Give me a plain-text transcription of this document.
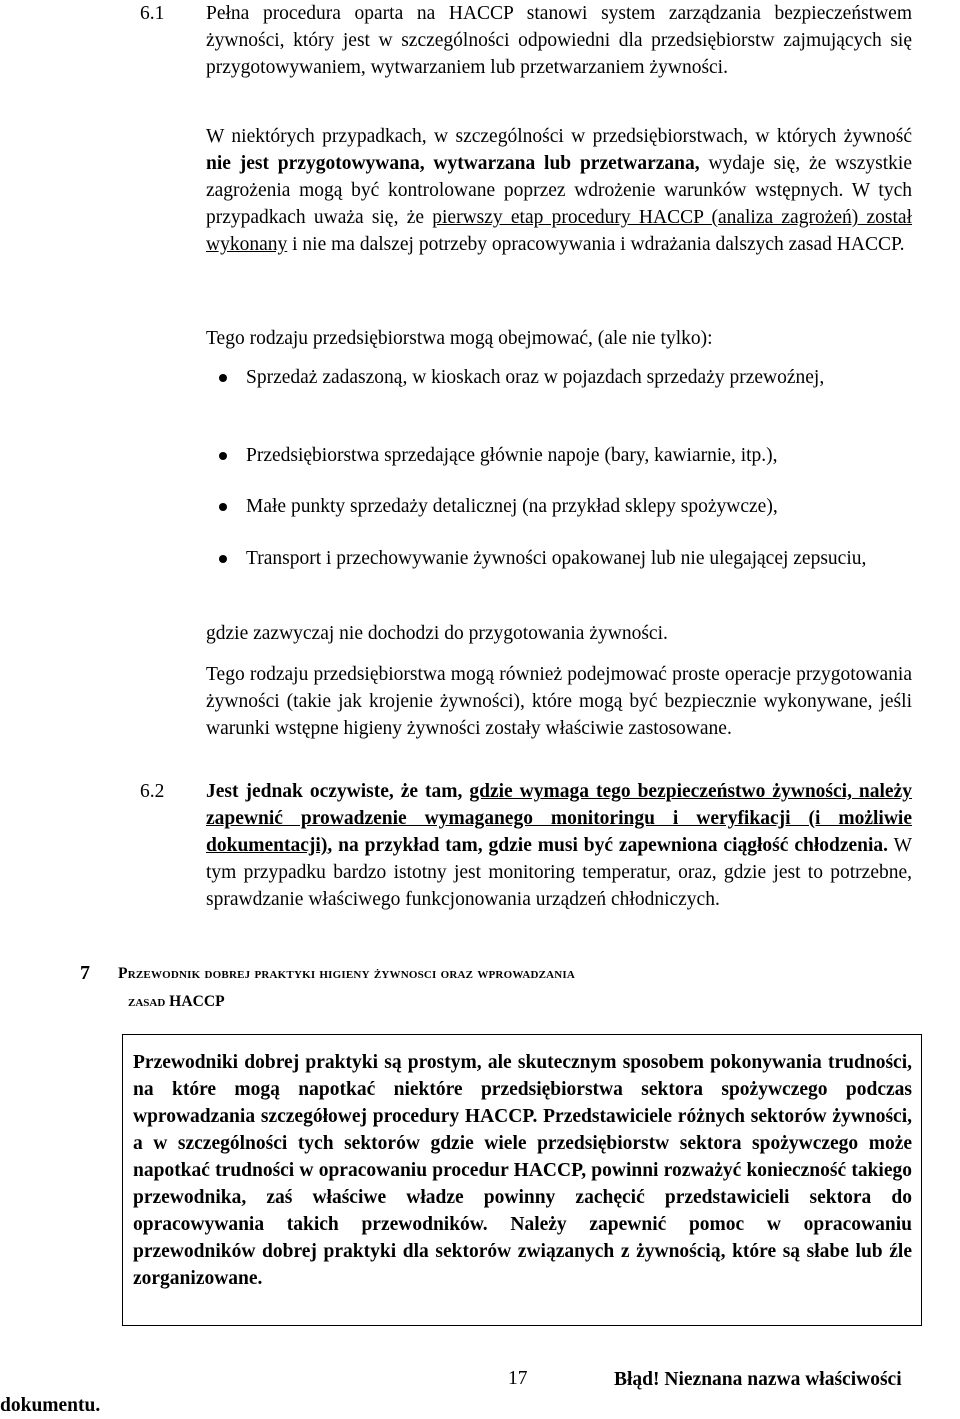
6.1 Pełna procedura oparta na HACCP stanowi system zarządzania bezpieczeństwem żywności, który jest w szczególności odpowiedni dla przedsiębiorstw zajmujących się przygotowywaniem, wytwarzaniem lub przetwarzaniem żywności.
W niektórych przypadkach, w szczególności w przedsiębiorstwach, w których żywność nie jest przygotowywana, wytwarzana lub przetwarzana, wydaje się, że wszystkie zagrożenia mogą być kontrolowane poprzez wdrożenie warunków wstępnych. W tych przypadkach uważa się, że pierwszy etap procedury HACCP (analiza zagrożeń) został wykonany i nie ma dalszej potrzeby opracowywania i wdrażania dalszych zasad HACCP.
Tego rodzaju przedsiębiorstwa mogą obejmować, (ale nie tylko):
Sprzedaż zadaszoną, w kioskach oraz w pojazdach sprzedaży przewoźnej,
Przedsiębiorstwa sprzedające głównie napoje (bary, kawiarnie, itp.),
Małe punkty sprzedaży detalicznej (na przykład sklepy spożywcze),
Transport i przechowywanie żywności opakowanej lub nie ulegającej zepsuciu,
gdzie zazwyczaj nie dochodzi do przygotowania żywności.
Tego rodzaju przedsiębiorstwa mogą również podejmować proste operacje przygotowania żywności (takie jak krojenie żywności), które mogą być bezpiecznie wykonywane, jeśli warunki wstępne higieny żywności zostały właściwie zastosowane.
6.2 Jest jednak oczywiste, że tam, gdzie wymaga tego bezpieczeństwo żywności, należy zapewnić prowadzenie wymaganego monitoringu i weryfikacji (i możliwie dokumentacji), na przykład tam, gdzie musi być zapewniona ciągłość chłodzenia. W tym przypadku bardzo istotny jest monitoring temperatur, oraz, gdzie jest to potrzebne, sprawdzanie właściwego funkcjonowania urządzeń chłodniczych.
7 Przewodnik dobrej praktyki higieny żywnosci oraz wprowadzania
zasad HACCP
Przewodniki dobrej praktyki są prostym, ale skutecznym sposobem pokonywania trudności, na które mogą napotkać niektóre przedsiębiorstwa sektora spożywczego podczas wprowadzania szczegółowej procedury HACCP. Przedstawiciele różnych sektorów żywności, a w szczególności tych sektorów gdzie wiele przedsiębiorstw sektora spożywczego może napotkać trudności w opracowaniu procedur HACCP, powinni rozważyć konieczność takiego przewodnika, zaś właściwe władze powinny zachęcić przedstawicieli sektora do opracowywania takich przewodników. Należy zapewnić pomoc w opracowaniu przewodników dobrej praktyki dla sektorów związanych z żywnością, które są słabe lub źle zorganizowane.
17	Błąd! Nieznana nazwa właściwości
dokumentu.
